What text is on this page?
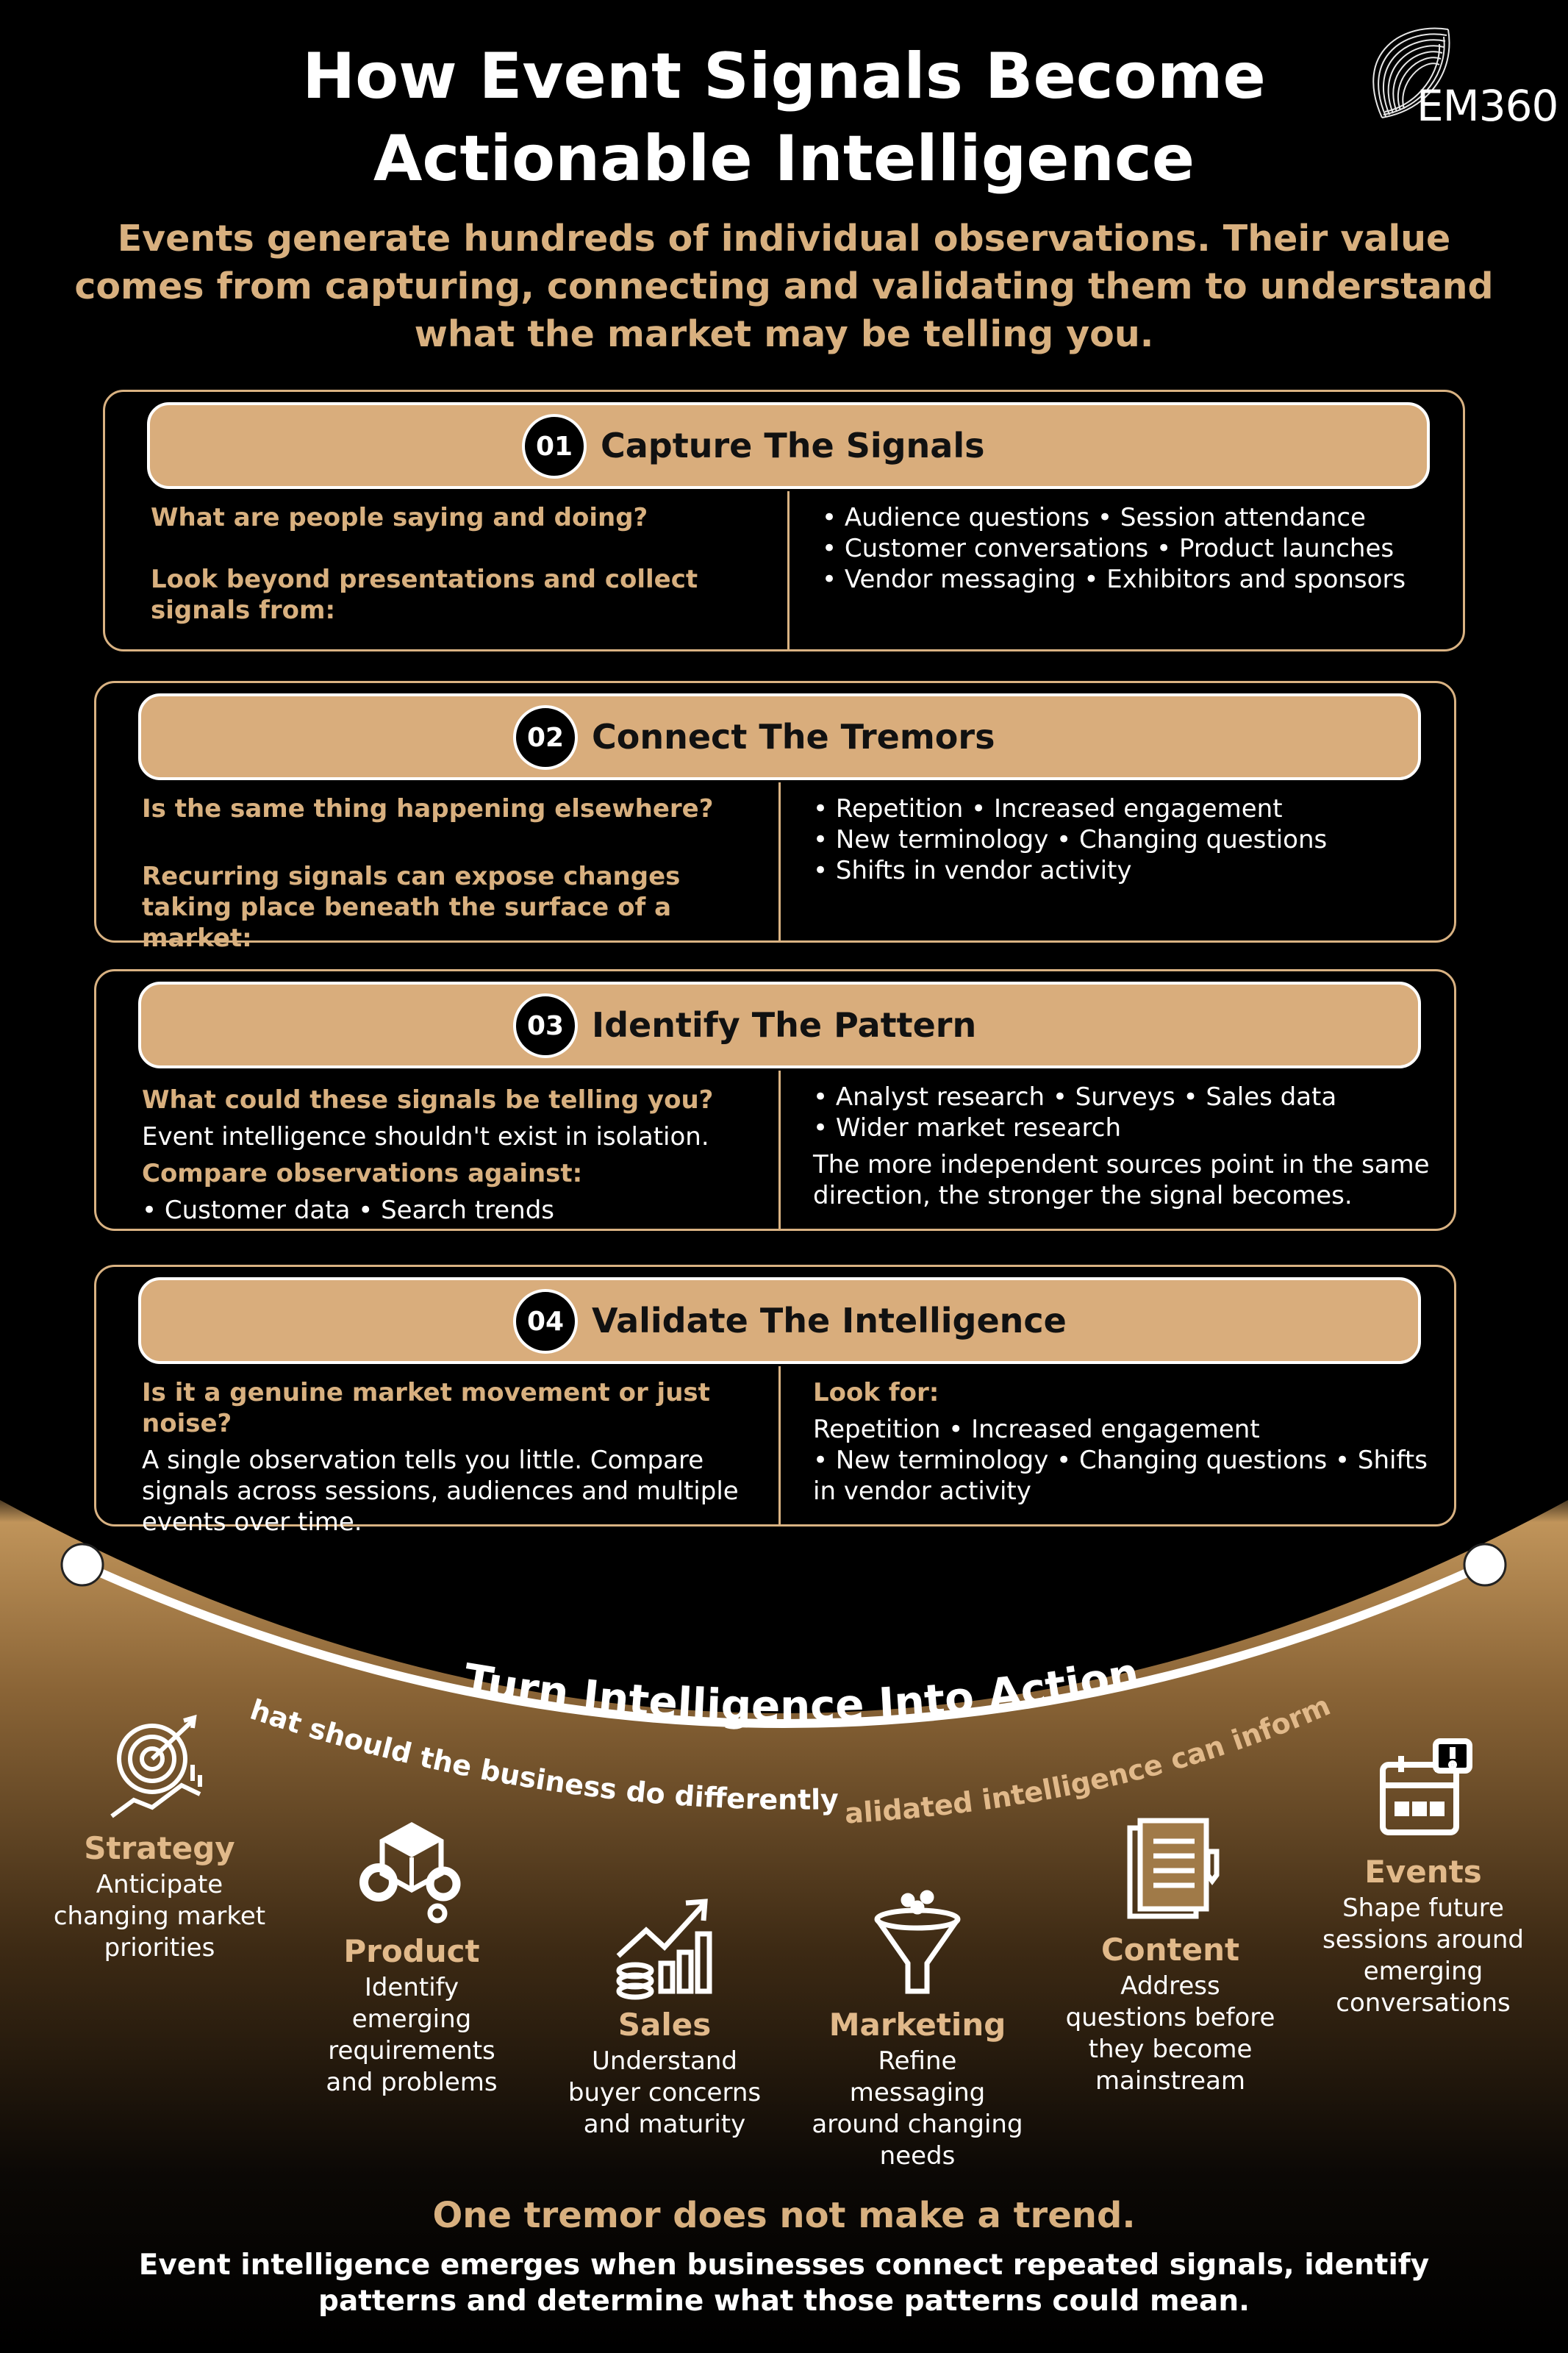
How Event Signals Become
Actionable Intelligence
EM360

Events generate hundreds of individual observations. Their value comes from capturing, connecting and validating them to understand what the market may be telling you.

01 Capture The Signals
What are people saying and doing?
Look beyond presentations and collect signals from:
• Audience questions • Session attendance
• Customer conversations • Product launches
• Vendor messaging • Exhibitors and sponsors
02 Connect The Tremors
Is the same thing happening elsewhere?
Recurring signals can expose changes taking place beneath the surface of a market:
• Repetition • Increased engagement
• New terminology • Changing questions
• Shifts in vendor activity
03 Identify The Pattern
What could these signals be telling you?
Event intelligence shouldn't exist in isolation.
Compare observations against:
• Customer data • Search trends
• Analyst research • Surveys • Sales data
• Wider market research
The more independent sources point in the same direction, the stronger the signal becomes.
04 Validate The Intelligence
Is it a genuine market movement or just noise?
A single observation tells you little. Compare signals across sessions, audiences and multiple events over time.
Look for:
Repetition • Increased engagement
• New terminology • Changing questions • Shifts in vendor activity
Turn Intelligence Into Action
hat should the business do differently?
alidated intelligence can inform
Strategy
Anticipate changing market priorities	Product
Identify emerging requirements and problems
Sales
Understand buyer concerns and maturity
Marketing
Refine messaging around changing needs
Content
Address questions before they become mainstream
Events
Shape future sessions around emerging conversations
One tremor does not make a trend.
Event intelligence emerges when businesses connect repeated signals, identify patterns and determine what those patterns could mean.
